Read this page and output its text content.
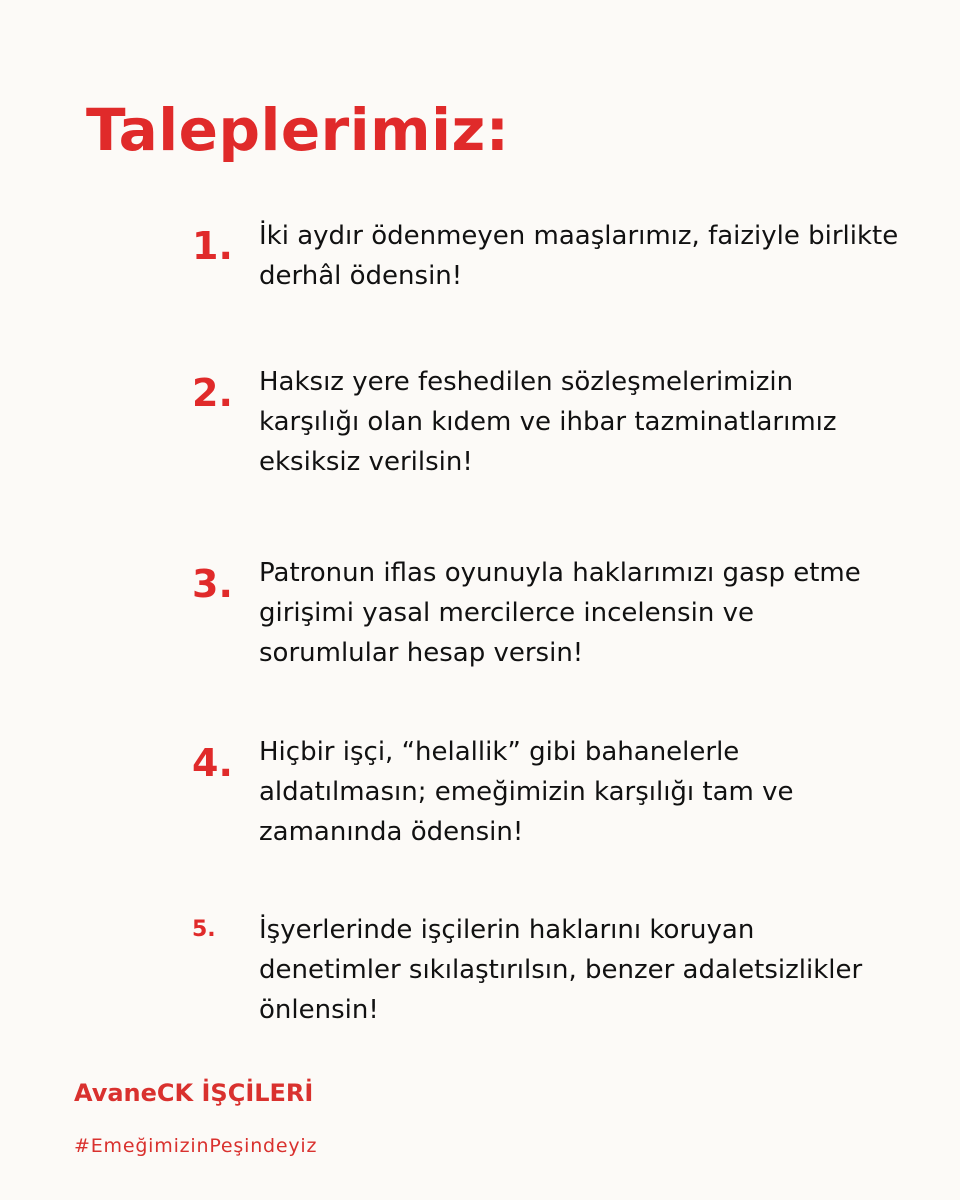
Taleplerimiz:
1. İki aydır ödenmeyen maaşlarımız, faiziyle birlikte derhâl ödensin!

2. Haksız yere feshedilen sözleşmelerimizin karşılığı olan kıdem ve ihbar tazminatlarımız eksiksiz verilsin!

3. Patronun iflas oyunuyla haklarımızı gasp etme girişimi yasal mercilerce incelensin ve sorumlular hesap versin!

4. Hiçbir işçi, “helallik” gibi bahanelerle aldatılmasın; emeğimizin karşılığı tam ve zamanında ödensin!

5. İşyerlerinde işçilerin haklarını koruyan denetimler sıkılaştırılsın, benzer adaletsizlikler önlensin!

AvaneCK İŞÇİLERİ

#EmeğimizinPeşindeyiz
